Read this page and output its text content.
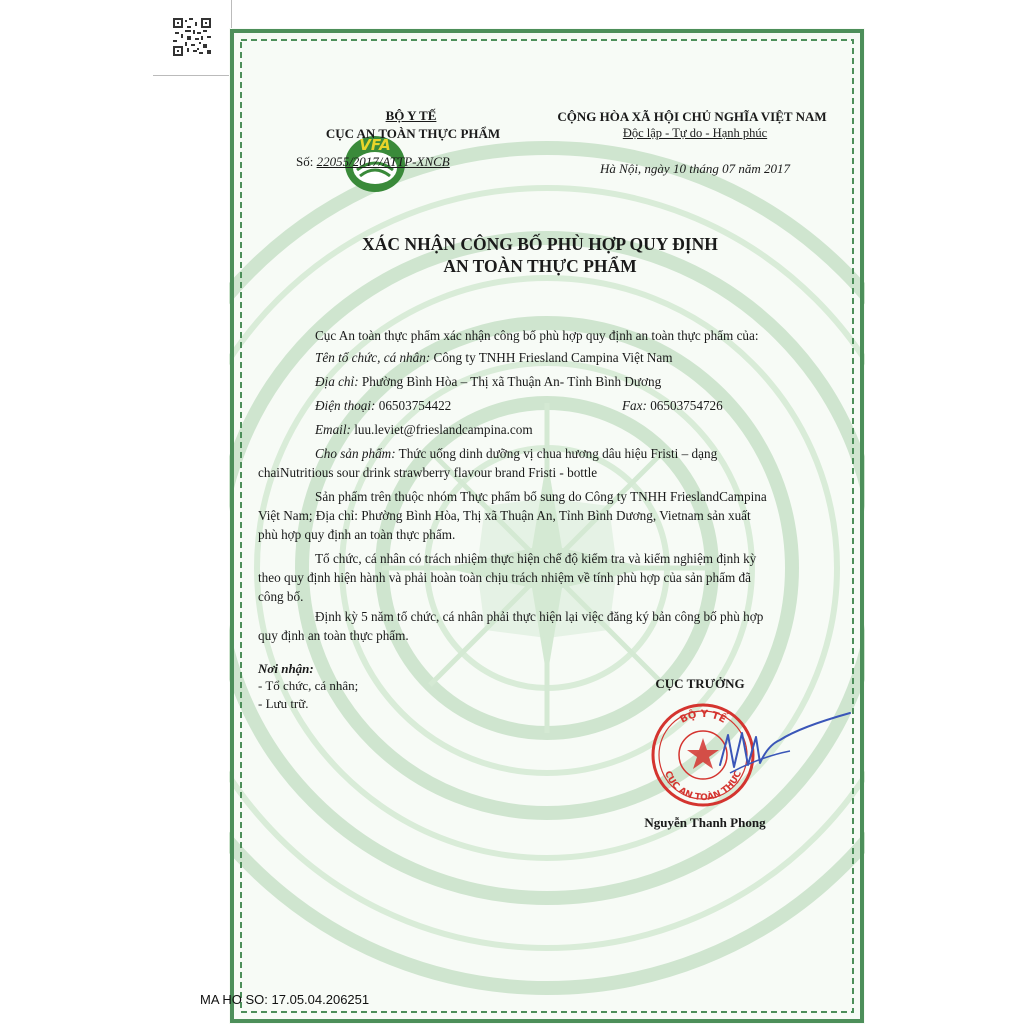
VFA
BỘ Y TẾ
CỤC AN TOÀN THỰC PHẨM
Số: 22055/2017/ATTP-XNCB
CỘNG HÒA XÃ HỘI CHỦ NGHĨA VIỆT NAM
Độc lập - Tự do - Hạnh phúc
Hà Nội, ngày 10 tháng 07 năm 2017
XÁC NHẬN CÔNG BỐ PHÙ HỢP QUY ĐỊNH
AN TOÀN THỰC PHẨM
Cục An toàn thực phẩm xác nhận công bố phù hợp quy định an toàn thực phẩm của:
Tên tổ chức, cá nhân: Công ty TNHH Friesland Campina Việt Nam
Địa chỉ: Phường Bình Hòa – Thị xã Thuận An- Tỉnh Bình Dương
Điện thoại: 06503754422	Fax: 06503754726
Email: luu.leviet@frieslandcampina.com
Cho sản phẩm: Thức uống dinh dưỡng vị chua hương dâu hiệu Fristi – dạng
chaiNutritious sour drink strawberry flavour brand Fristi - bottle
Sản phẩm trên thuộc nhóm Thực phẩm bổ sung do Công ty TNHH FrieslandCampina
Việt Nam; Địa chỉ: Phường Bình Hòa, Thị xã Thuận An, Tỉnh Bình Dương, Vietnam sản xuất
phù hợp quy định an toàn thực phẩm.
Tổ chức, cá nhân có trách nhiệm thực hiện chế độ kiểm tra và kiểm nghiệm định kỳ
theo quy định hiện hành và phải hoàn toàn chịu trách nhiệm về tính phù hợp của sản phẩm đã
công bố.
Định kỳ 5 năm tổ chức, cá nhân phải thực hiện lại việc đăng ký bản công bố phù hợp
quy định an toàn thực phẩm.
Nơi nhận:
- Tổ chức, cá nhân;
- Lưu trữ.
CỤC TRƯỞNG
BỘ Y TẾ
CỤC AN TOÀN THỰC
Nguyễn Thanh Phong
MA HO SO: 17.05.04.206251
